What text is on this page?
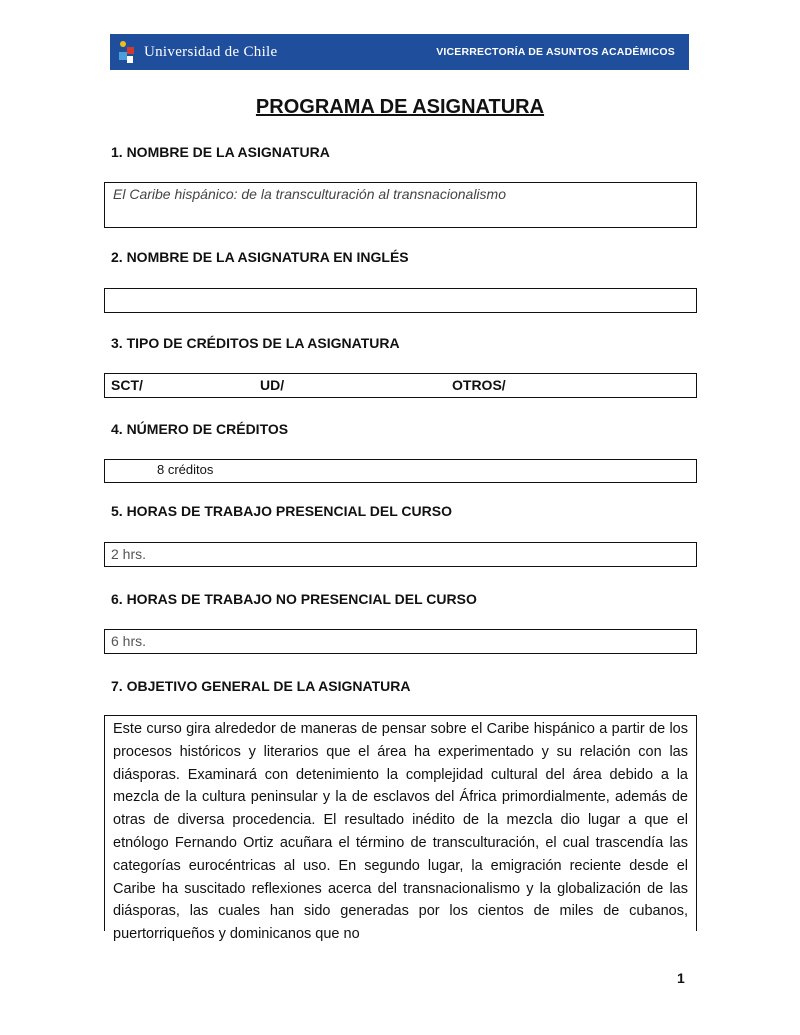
Universidad de Chile	VICERRECTORÍA DE ASUNTOS ACADÉMICOS
PROGRAMA DE ASIGNATURA
1. NOMBRE DE LA ASIGNATURA
El Caribe hispánico: de la transculturación al transnacionalismo
2. NOMBRE DE LA ASIGNATURA EN INGLÉS
3. TIPO DE CRÉDITOS DE LA ASIGNATURA
SCT/	UD/	OTROS/
4. NÚMERO DE CRÉDITOS
8 créditos
5. HORAS DE TRABAJO PRESENCIAL DEL CURSO
2 hrs.
6. HORAS DE TRABAJO NO PRESENCIAL DEL CURSO
6 hrs.
7. OBJETIVO GENERAL DE LA ASIGNATURA
Este curso gira alrededor de maneras de pensar sobre el Caribe hispánico a partir de los procesos históricos y literarios que el área ha experimentado y su relación con las diásporas. Examinará con detenimiento la complejidad cultural del área debido a la mezcla de la cultura peninsular y la de esclavos del África primordialmente, además de otras de diversa procedencia. El resultado inédito de la mezcla dio lugar a que el etnólogo Fernando Ortiz acuñara el término de transculturación, el cual trascendía las categorías eurocéntricas al uso. En segundo lugar, la emigración reciente desde el Caribe ha suscitado reflexiones acerca del transnacionalismo y la globalización de las diásporas, las cuales han sido generadas por los cientos de miles de cubanos, puertorriqueños y dominicanos que no
1
